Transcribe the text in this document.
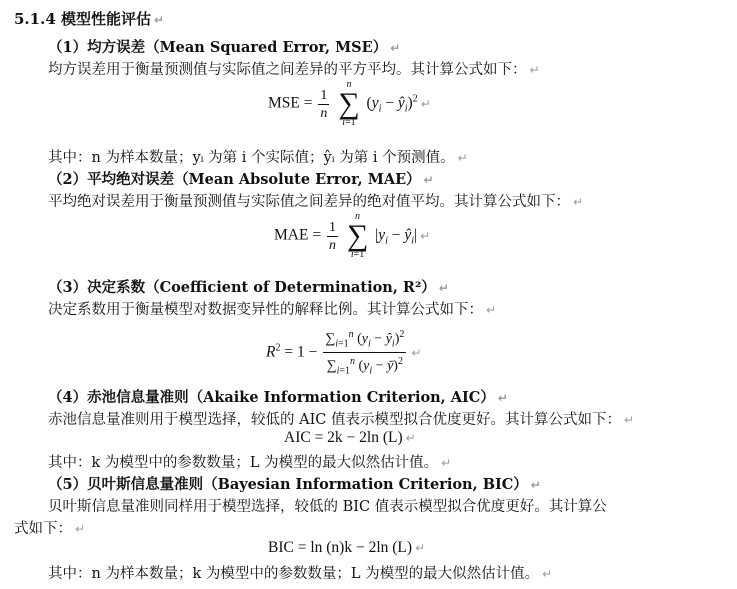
5.1.4 模型性能评估 ↵
（1）均方误差（Mean Squared Error, MSE） ↵
均方误差用于衡量预测值与实际值之间差异的平方平均。其计算公式如下： ↵
MSE = $\frac{1}{n}$

n
∑
i=1
($y_i$ − $ŷ_i)^2$ ↵
其中：n 为样本数量；yᵢ 为第 i 个实际值；ŷᵢ 为第 i 个预测值。 ↵
（2）平均绝对误差（Mean Absolute Error, MAE） ↵
平均绝对误差用于衡量预测值与实际值之间差异的绝对值平均。其计算公式如下： ↵
MAE = $\frac{1}{n}$

n
∑
i=1
$|y_i$ − $ŷ_i|$ ↵
（3）决定系数（Coefficient of Determination, R²） ↵
决定系数用于衡量模型对数据变异性的解释比例。其计算公式如下： ↵
$R^2 = 1 - \frac{\sum_{i=1}^n (y_i - ŷ_i)^2}{\sum_{i=1}^n (y_i - ȳ)^2}$ ↵
（4）赤池信息量准则（Akaike Information Criterion, AIC） ↵
赤池信息量准则用于模型选择，较低的 AIC 值表示模型拟合优度更好。其计算公式如下： ↵
AIC = 2k − 2ln (L) ↵
其中：k 为模型中的参数数量；L 为模型的最大似然估计值。 ↵
（5）贝叶斯信息量准则（Bayesian Information Criterion, BIC） ↵
贝叶斯信息量准则同样用于模型选择，较低的 BIC 值表示模型拟合优度更好。其计算公
式如下： ↵
BIC = ln (n)k − 2ln (L) ↵
其中：n 为样本数量；k 为模型中的参数数量；L 为模型的最大似然估计值。 ↵
